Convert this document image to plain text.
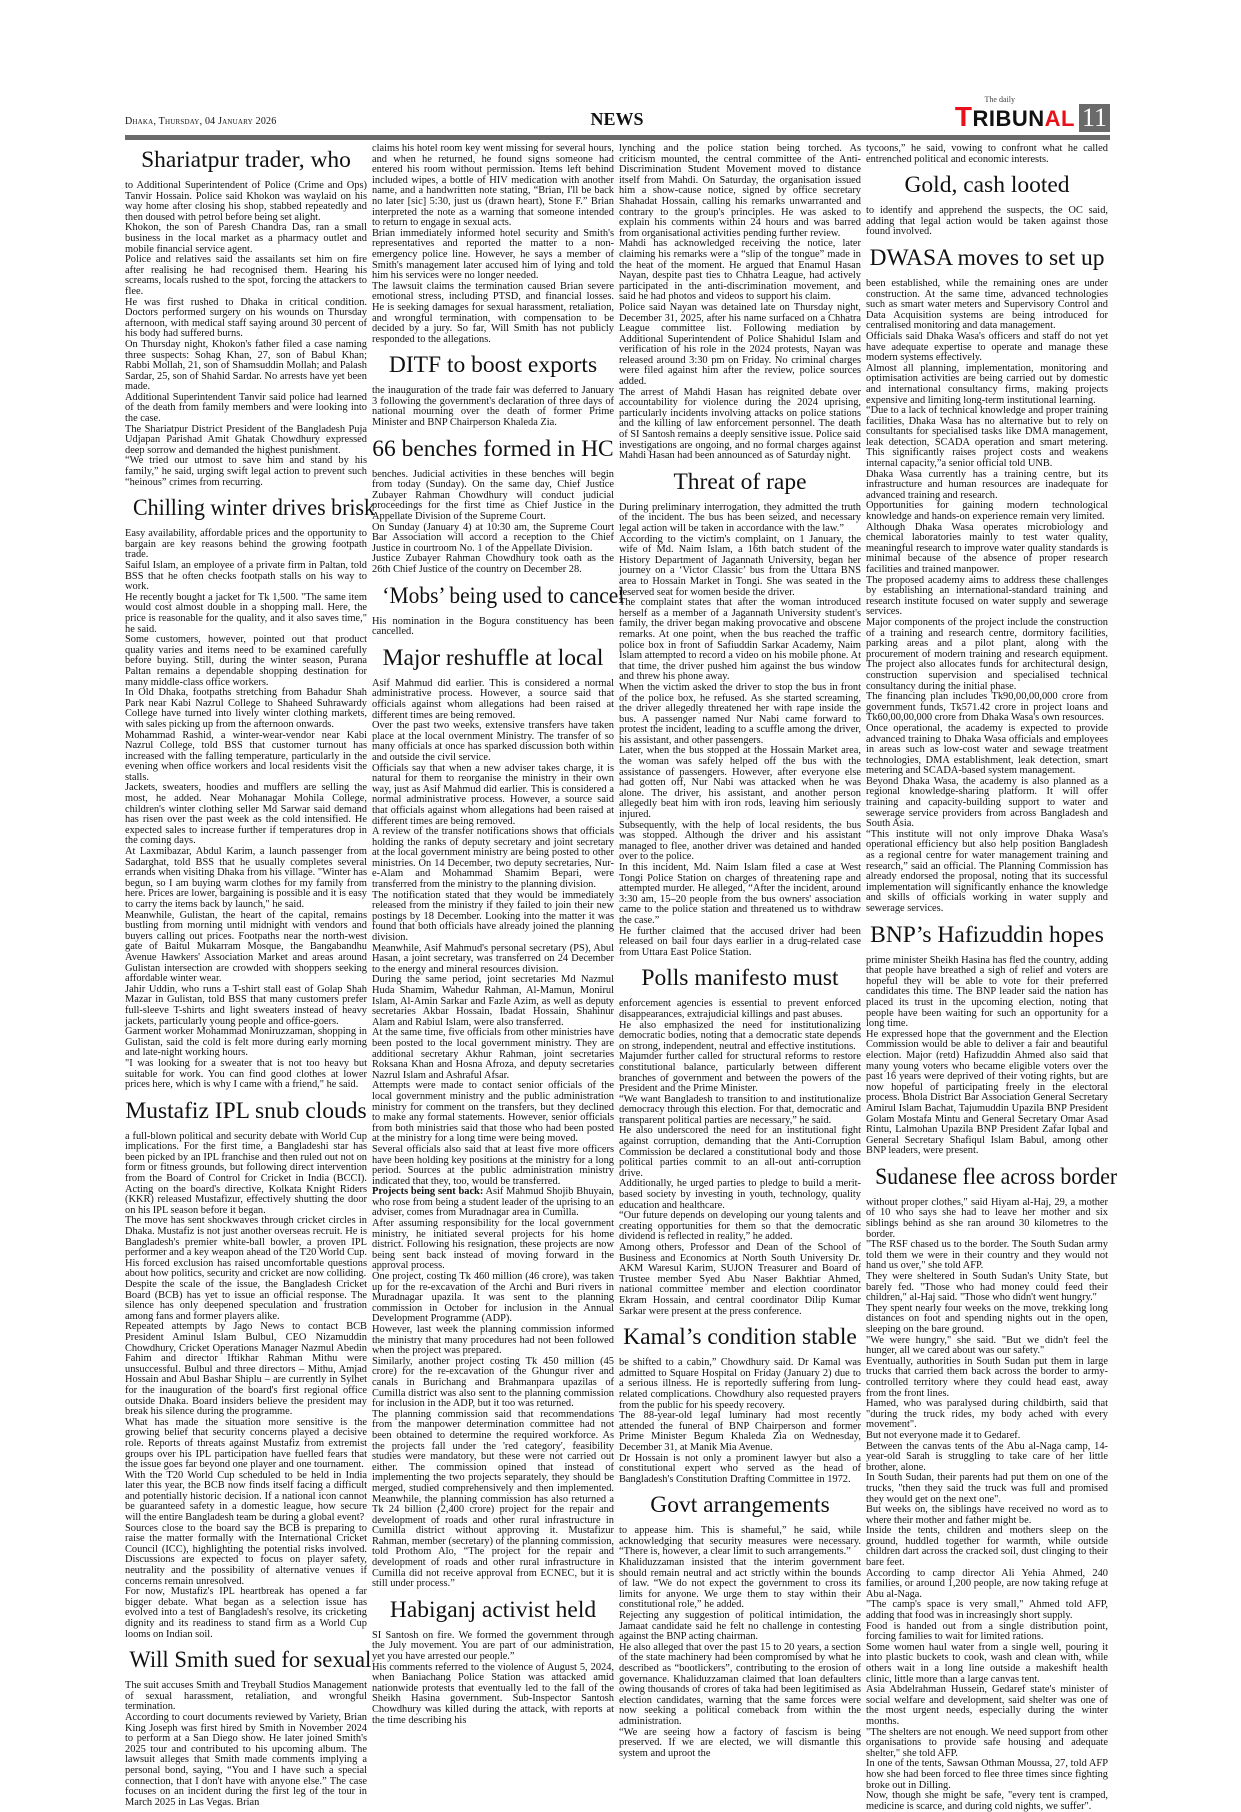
Dhaka, Thursday, 04 January 2026	NEWS
The daily
TRIBUNAL 11
Shariatpur trader, who

to Additional Superintendent of Police (Crime and Ops) Tanvir Hossain. Police said Khokon was waylaid on his way home after closing his shop, stabbed repeatedly and then doused with petrol before being set alight.

Khokon, the son of Paresh Chandra Das, ran a small business in the local market as a pharmacy outlet and mobile financial service agent.

Police and relatives said the assailants set him on fire after realising he had recognised them. Hearing his screams, locals rushed to the spot, forcing the attackers to flee.

He was first rushed to Dhaka in critical condition. Doctors performed surgery on his wounds on Thursday afternoon, with medical staff saying around 30 percent of his body had suffered burns.

On Thursday night, Khokon's father filed a case naming three suspects: Sohag Khan, 27, son of Babul Khan; Rabbi Mollah, 21, son of Shamsuddin Mollah; and Palash Sardar, 25, son of Shahid Sardar. No arrests have yet been made.

Additional Superintendent Tanvir said police had learned of the death from family members and were looking into the case.

The Shariatpur District President of the Bangladesh Puja Udjapan Parishad Amit Ghatak Chowdhury expressed deep sorrow and demanded the highest punishment.

“We tried our utmost to save him and stand by his family,” he said, urging swift legal action to prevent such “heinous” crimes from recurring.

Chilling winter drives brisk

Easy availability, affordable prices and the opportunity to bargain are key reasons behind the growing footpath trade.

Saiful Islam, an employee of a private firm in Paltan, told BSS that he often checks footpath stalls on his way to work.

He recently bought a jacket for Tk 1,500. "The same item would cost almost double in a shopping mall. Here, the price is reasonable for the quality, and it also saves time," he said.

Some customers, however, pointed out that product quality varies and items need to be examined carefully before buying. Still, during the winter season, Purana Paltan remains a dependable shopping destination for many middle-class office workers.

In Old Dhaka, footpaths stretching from Bahadur Shah Park near Kabi Nazrul College to Shaheed Suhrawardy College have turned into lively winter clothing markets, with sales picking up from the afternoon onwards.

Mohammad Rashid, a winter-wear-vendor near Kabi Nazrul College, told BSS that customer turnout has increased with the falling temperature, particularly in the evening when office workers and local residents visit the stalls.

Jackets, sweaters, hoodies and mufflers are selling the most, he added. Near Mohanagar Mohila College, children's winter clothing seller Md Sarwar said demand has risen over the past week as the cold intensified. He expected sales to increase further if temperatures drop in the coming days.

At Laxmibazar, Abdul Karim, a launch passenger from Sadarghat, told BSS that he usually completes several errands when visiting Dhaka from his village. "Winter has begun, so I am buying warm clothes for my family from here. Prices are lower, bargaining is possible and it is easy to carry the items back by launch," he said.

Meanwhile, Gulistan, the heart of the capital, remains bustling from morning until midnight with vendors and buyers calling out prices. Footpaths near the north-west gate of Baitul Mukarram Mosque, the Bangabandhu Avenue Hawkers' Association Market and areas around Gulistan intersection are crowded with shoppers seeking affordable winter wear.

Jahir Uddin, who runs a T-shirt stall east of Golap Shah Mazar in Gulistan, told BSS that many customers prefer full-sleeve T-shirts and light sweaters instead of heavy jackets, particularly young people and office-goers.

Garment worker Mohammad Moniruzzaman, shopping in Gulistan, said the cold is felt more during early morning and late-night working hours.

"I was looking for a sweater that is not too heavy but suitable for work. You can find good clothes at lower prices here, which is why I came with a friend," he said.

Mustafiz IPL snub clouds

a full-blown political and security debate with World Cup implications. For the first time, a Bangladeshi star has been picked by an IPL franchise and then ruled out not on form or fitness grounds, but following direct intervention from the Board of Control for Cricket in India (BCCI). Acting on the board's directive, Kolkata Knight Riders (KKR) released Mustafizur, effectively shutting the door on his IPL season before it began.

The move has sent shockwaves through cricket circles in Dhaka. Mustafiz is not just another overseas recruit. He is Bangladesh's premier white-ball bowler, a proven IPL performer and a key weapon ahead of the T20 World Cup. His forced exclusion has raised uncomfortable questions about how politics, security and cricket are now colliding.

Despite the scale of the issue, the Bangladesh Cricket Board (BCB) has yet to issue an official response. The silence has only deepened speculation and frustration among fans and former players alike.

Repeated attempts by Jago News to contact BCB President Aminul Islam Bulbul, CEO Nizamuddin Chowdhury, Cricket Operations Manager Nazmul Abedin Fahim and director Iftikhar Rahman Mithu were unsuccessful. Bulbul and three directors – Mithu, Amjad Hossain and Abul Bashar Shiplu – are currently in Sylhet for the inauguration of the board's first regional office outside Dhaka. Board insiders believe the president may break his silence during the programme.

What has made the situation more sensitive is the growing belief that security concerns played a decisive role. Reports of threats against Mustafiz from extremist groups over his IPL participation have fuelled fears that the issue goes far beyond one player and one tournament.

With the T20 World Cup scheduled to be held in India later this year, the BCB now finds itself facing a difficult and potentially historic decision. If a national icon cannot be guaranteed safety in a domestic league, how secure will the entire Bangladesh team be during a global event?

Sources close to the board say the BCB is preparing to raise the matter formally with the International Cricket Council (ICC), highlighting the potential risks involved. Discussions are expected to focus on player safety, neutrality and the possibility of alternative venues if concerns remain unresolved.

For now, Mustafiz's IPL heartbreak has opened a far bigger debate. What began as a selection issue has evolved into a test of Bangladesh's resolve, its cricketing dignity and its readiness to stand firm as a World Cup looms on Indian soil.

Will Smith sued for sexual

The suit accuses Smith and Treyball Studios Management of sexual harassment, retaliation, and wrongful termination.

According to court documents reviewed by Variety, Brian King Joseph was first hired by Smith in November 2024 to perform at a San Diego show. He later joined Smith's 2025 tour and contributed to his upcoming album. The lawsuit alleges that Smith made comments implying a personal bond, saying, “You and I have such a special connection, that I don't have with anyone else.” The case focuses on an incident during the first leg of the tour in March 2025 in Las Vegas. Brian

claims his hotel room key went missing for several hours, and when he returned, he found signs someone had entered his room without permission. Items left behind included wipes, a bottle of HIV medication with another name, and a handwritten note stating, “Brian, I'll be back no later [sic] 5:30, just us (drawn heart), Stone F.” Brian interpreted the note as a warning that someone intended to return to engage in sexual acts.

Brian immediately informed hotel security and Smith's representatives and reported the matter to a non-emergency police line. However, he says a member of Smith's management later accused him of lying and told him his services were no longer needed.

The lawsuit claims the termination caused Brian severe emotional stress, including PTSD, and financial losses. He is seeking damages for sexual harassment, retaliation, and wrongful termination, with compensation to be decided by a jury. So far, Will Smith has not publicly responded to the allegations.

DITF to boost exports

the inauguration of the trade fair was deferred to January 3 following the government's declaration of three days of national mourning over the death of former Prime Minister and BNP Chairperson Khaleda Zia.

66 benches formed in HC

benches. Judicial activities in these benches will begin from today (Sunday). On the same day, Chief Justice Zubayer Rahman Chowdhury will conduct judicial proceedings for the first time as Chief Justice in the Appellate Division of the Supreme Court.

On Sunday (January 4) at 10:30 am, the Supreme Court Bar Association will accord a reception to the Chief Justice in courtroom No. 1 of the Appellate Division.

Justice Zubayer Rahman Chowdhury took oath as the 26th Chief Justice of the country on December 28.

‘Mobs’ being used to cancel

His nomination in the Bogura constituency has been cancelled.

Major reshuffle at local

Asif Mahmud did earlier. This is considered a normal administrative process. However, a source said that officials against whom allegations had been raised at different times are being removed.

Over the past two weeks, extensive transfers have taken place at the local overnment Ministry. The transfer of so many officials at once has sparked discussion both within and outside the civil service.

Officials say that when a new adviser takes charge, it is natural for them to reorganise the ministry in their own way, just as Asif Mahmud did earlier. This is considered a normal administrative process. However, a source said that officials against whom allegations had been raised at different times are being removed.

A review of the transfer notifications shows that officials holding the ranks of deputy secretary and joint secretary at the local government ministry are being posted to other ministries. On 14 December, two deputy secretaries, Nur-e-Alam and Mohammad Shamim Bepari, were transferred from the ministry to the planning division.

The notification stated that they would be immediately released from the ministry if they failed to join their new postings by 18 December. Looking into the matter it was found that both officials have already joined the planning division.

Meanwhile, Asif Mahmud's personal secretary (PS), Abul Hasan, a joint secretary, was transferred on 24 December to the energy and mineral resources division.

During the same period, joint secretaries Md Nazmul Huda Shamim, Wahedur Rahman, Al-Mamun, Monirul Islam, Al-Amin Sarkar and Fazle Azim, as well as deputy secretaries Akbar Hossain, Ibadat Hossain, Shahinur Alam and Rabiul Islam, were also transferred.

At the same time, five officials from other ministries have been posted to the local government ministry. They are additional secretary Akhur Rahman, joint secretaries Roksana Khan and Hosna Afroza, and deputy secretaries Nazrul Islam and Ashraful Afsar.

Attempts were made to contact senior officials of the local government ministry and the public administration ministry for comment on the transfers, but they declined to make any formal statements. However, senior officials from both ministries said that those who had been posted at the ministry for a long time were being moved.

Several officials also said that at least five more officers have been holding key positions at the ministry for a long period. Sources at the public administration ministry indicated that they, too, would be transferred.

Projects being sent back: Asif Mahmud Shojib Bhuyain, who rose from being a student leader of the uprising to an adviser, comes from Muradnagar area in Cumilla.

After assuming responsibility for the local government ministry, he initiated several projects for his home district. Following his resignation, these projects are now being sent back instead of moving forward in the approval process.

One project, costing Tk 460 million (46 crore), was taken up for the re-excavation of the Archi and Buri rivers in Muradnagar upazila. It was sent to the planning commission in October for inclusion in the Annual Development Programme (ADP).

However, last week the planning commission informed the ministry that many procedures had not been followed when the project was prepared.

Similarly, another project costing Tk 450 million (45 crore) for the re-excavation of the Ghungur river and canals in Burichang and Brahmanpara upazilas of Cumilla district was also sent to the planning commission for inclusion in the ADP, but it too was returned.

The planning commission said that recommendations from the manpower determination committee had not been obtained to determine the required workforce. As the projects fall under the 'red category', feasibility studies were mandatory, but these were not carried out either. The commission opined that instead of implementing the two projects separately, they should be merged, studied comprehensively and then implemented. Meanwhile, the planning commission has also returned a Tk 24 billion (2,400 crore) project for the repair and development of roads and other rural infrastructure in Cumilla district without approving it. Mustafizur Rahman, member (secretary) of the planning commission, told Prothom Alo, “The project for the repair and development of roads and other rural infrastructure in Cumilla did not receive approval from ECNEC, but it is still under process.”

Habiganj activist held

SI Santosh on fire. We formed the government through the July movement. You are part of our administration, yet you have arrested our people.”

His comments referred to the violence of August 5, 2024, when Baniachang Police Station was attacked amid nationwide protests that eventually led to the fall of the Sheikh Hasina government. Sub-Inspector Santosh Chowdhury was killed during the attack, with reports at the time describing his

lynching and the police station being torched. As criticism mounted, the central committee of the Anti-Discrimination Student Movement moved to distance itself from Mahdi. On Saturday, the organisation issued him a show-cause notice, signed by office secretary Shahadat Hossain, calling his remarks unwarranted and contrary to the group's principles. He was asked to explain his comments within 24 hours and was barred from organisational activities pending further review.

Mahdi has acknowledged receiving the notice, later claiming his remarks were a “slip of the tongue” made in the heat of the moment. He argued that Enamul Hasan Nayan, despite past ties to Chhatra League, had actively participated in the anti-discrimination movement, and said he had photos and videos to support his claim.

Police said Nayan was detained late on Thursday night, December 31, 2025, after his name surfaced on a Chhatra League committee list. Following mediation by Additional Superintendent of Police Shahidul Islam and verification of his role in the 2024 protests, Nayan was released around 3:30 pm on Friday. No criminal charges were filed against him after the review, police sources added.

The arrest of Mahdi Hasan has reignited debate over accountability for violence during the 2024 uprising, particularly incidents involving attacks on police stations and the killing of law enforcement personnel. The death of SI Santosh remains a deeply sensitive issue. Police said investigations are ongoing, and no formal charges against Mahdi Hasan had been announced as of Saturday night.

Threat of rape

During preliminary interrogation, they admitted the truth of the incident. The bus has been seized, and necessary legal action will be taken in accordance with the law.”

According to the victim's complaint, on 1 January, the wife of Md. Naim Islam, a 16th batch student of the History Department of Jagannath University, began her journey on a ‘Victor Classic’ bus from the Uttara BNS area to Hossain Market in Tongi. She was seated in the reserved seat for women beside the driver.

The complaint states that after the woman introduced herself as a member of a Jagannath University student's family, the driver began making provocative and obscene remarks. At one point, when the bus reached the traffic police box in front of Safiuddin Sarkar Academy, Naim Islam attempted to record a video on his mobile phone. At that time, the driver pushed him against the bus window and threw his phone away.

When the victim asked the driver to stop the bus in front of the police box, he refused. As she started screaming, the driver allegedly threatened her with rape inside the bus. A passenger named Nur Nabi came forward to protest the incident, leading to a scuffle among the driver, his assistant, and other passengers.

Later, when the bus stopped at the Hossain Market area, the woman was safely helped off the bus with the assistance of passengers. However, after everyone else had gotten off, Nur Nabi was attacked when he was alone. The driver, his assistant, and another person allegedly beat him with iron rods, leaving him seriously injured.

Subsequently, with the help of local residents, the bus was stopped. Although the driver and his assistant managed to flee, another driver was detained and handed over to the police.

In this incident, Md. Naim Islam filed a case at West Tongi Police Station on charges of threatening rape and attempted murder. He alleged, “After the incident, around 3:30 am, 15–20 people from the bus owners' association came to the police station and threatened us to withdraw the case.”

He further claimed that the accused driver had been released on bail four days earlier in a drug-related case from Uttara East Police Station.

Polls manifesto must

enforcement agencies is essential to prevent enforced disappearances, extrajudicial killings and past abuses.

He also emphasized the need for institutionalizing democratic bodies, noting that a democratic state depends on strong, independent, neutral and effective institutions.

Majumder further called for structural reforms to restore constitutional balance, particularly between different branches of government and between the powers of the President and the Prime Minister.

“We want Bangladesh to transition to and institutionalize democracy through this election. For that, democratic and transparent political parties are necessary,” he said.

He also underscored the need for an institutional fight against corruption, demanding that the Anti-Corruption Commission be declared a constitutional body and those political parties commit to an all-out anti-corruption drive.

Additionally, he urged parties to pledge to build a merit-based society by investing in youth, technology, quality education and healthcare.

“Our future depends on developing our young talents and creating opportunities for them so that the democratic dividend is reflected in reality,” he added.

Among others, Professor and Dean of the School of Business and Economics at North South University Dr. AKM Waresul Karim, SUJON Treasurer and Board of Trustee member Syed Abu Naser Bakhtiar Ahmed, national committee member and election coordinator Ekram Hossain, and central coordinator Dilip Kumar Sarkar were present at the press conference.

Kamal’s condition stable

be shifted to a cabin,” Chowdhury said. Dr Kamal was admitted to Square Hospital on Friday (January 2) due to a serious illness. He is reportedly suffering from lung-related complications. Chowdhury also requested prayers from the public for his speedy recovery.

The 88-year-old legal luminary had most recently attended the funeral of BNP Chairperson and former Prime Minister Begum Khaleda Zia on Wednesday, December 31, at Manik Mia Avenue.

Dr Hossain is not only a prominent lawyer but also a constitutional expert who served as the head of Bangladesh's Constitution Drafting Committee in 1972.

Govt arrangements

to appease him. This is shameful,” he said, while acknowledging that security measures were necessary. “There is, however, a clear limit to such arrangements.”

Khaliduzzaman insisted that the interim government should remain neutral and act strictly within the bounds of law. “We do not expect the government to cross its limits for anyone. We urge them to stay within their constitutional role,” he added.

Rejecting any suggestion of political intimidation, the Jamaat candidate said he felt no challenge in contesting against the BNP acting chairman.

He also alleged that over the past 15 to 20 years, a section of the state machinery had been compromised by what he described as “bootlickers”, contributing to the erosion of governance. Khaliduzzaman claimed that loan defaulters owing thousands of crores of taka had been legitimised as election candidates, warning that the same forces were now seeking a political comeback from within the administration.

“We are seeing how a factory of fascism is being preserved. If we are elected, we will dismantle this system and uproot the

tycoons,” he said, vowing to confront what he called entrenched political and economic interests.

Gold, cash looted

to identify and apprehend the suspects, the OC said, adding that legal action would be taken against those found involved.

DWASA moves to set up

been established, while the remaining ones are under construction. At the same time, advanced technologies such as smart water meters and Supervisory Control and Data Acquisition systems are being introduced for centralised monitoring and data management.

Officials said Dhaka Wasa's officers and staff do not yet have adequate expertise to operate and manage these modern systems effectively.

Almost all planning, implementation, monitoring and optimisation activities are being carried out by domestic and international consultancy firms, making projects expensive and limiting long-term institutional learning.

“Due to a lack of technical knowledge and proper training facilities, Dhaka Wasa has no alternative but to rely on consultants for specialised tasks like DMA management, leak detection, SCADA operation and smart metering. This significantly raises project costs and weakens internal capacity,”a senior official told UNB.

Dhaka Wasa currently has a training centre, but its infrastructure and human resources are inadequate for advanced training and research.

Opportunities for gaining modern technological knowledge and hands-on experience remain very limited.

Although Dhaka Wasa operates microbiology and chemical laboratories mainly to test water quality, meaningful research to improve water quality standards is minimal because of the absence of proper research facilities and trained manpower.

The proposed academy aims to address these challenges by establishing an international-standard training and research institute focused on water supply and sewerage services.

Major components of the project include the construction of a training and research centre, dormitory facilities, parking areas and a pilot plant, along with the procurement of modern training and research equipment. The project also allocates funds for architectural design, construction supervision and specialised technical consultancy during the initial phase.

The financing plan includes Tk90,00,00,000 crore from government funds, Tk571.42 crore in project loans and Tk60,00,00,000 crore from Dhaka Wasa's own resources.

Once operational, the academy is expected to provide advanced training to Dhaka Wasa officials and employees in areas such as low-cost water and sewage treatment technologies, DMA establishment, leak detection, smart metering and SCADA-based system management.

Beyond Dhaka Wasa, the academy is also planned as a regional knowledge-sharing platform. It will offer training and capacity-building support to water and sewerage service providers from across Bangladesh and South Asia.

“This institute will not only improve Dhaka Wasa's operational efficiency but also help position Bangladesh as a regional centre for water management training and research,” said an official. The Planning Commission has already endorsed the proposal, noting that its successful implementation will significantly enhance the knowledge and skills of officials working in water supply and sewerage services.

BNP’s Hafizuddin hopes

prime minister Sheikh Hasina has fled the country, adding that people have breathed a sigh of relief and voters are hopeful they will be able to vote for their preferred candidates this time. The BNP leader said the nation has placed its trust in the upcoming election, noting that people have been waiting for such an opportunity for a long time.

He expressed hope that the government and the Election Commission would be able to deliver a fair and beautiful election. Major (retd) Hafizuddin Ahmed also said that many young voters who became eligible voters over the past 16 years were deprived of their voting rights, but are now hopeful of participating freely in the electoral process. Bhola District Bar Association General Secretary Amirul Islam Bachat, Tajumuddin Upazila BNP President Golam Mostafa Mintu and General Secretary Omar Asad Rintu, Lalmohan Upazila BNP President Zafar Iqbal and General Secretary Shafiqul Islam Babul, among other BNP leaders, were present.

Sudanese flee across border

without proper clothes," said Hiyam al-Haj, 29, a mother of 10 who says she had to leave her mother and six siblings behind as she ran around 30 kilometres to the border.

"The RSF chased us to the border. The South Sudan army told them we were in their country and they would not hand us over," she told AFP.

They were sheltered in South Sudan's Unity State, but barely fed. "Those who had money could feed their children," al-Haj said. "Those who didn't went hungry."

They spent nearly four weeks on the move, trekking long distances on foot and spending nights out in the open, sleeping on the bare ground.

"We were hungry," she said. "But we didn't feel the hunger, all we cared about was our safety."

Eventually, authorities in South Sudan put them in large trucks that carried them back across the border to army-controlled territory where they could head east, away from the front lines.

Hamed, who was paralysed during childbirth, said that "during the truck rides, my body ached with every movement".

But not everyone made it to Gedaref.

Between the canvas tents of the Abu al-Naga camp, 14-year-old Sarah is struggling to take care of her little brother, alone.

In South Sudan, their parents had put them on one of the trucks, "then they said the truck was full and promised they would get on the next one".

But weeks on, the siblings have received no word as to where their mother and father might be.

Inside the tents, children and mothers sleep on the ground, huddled together for warmth, while outside children dart across the cracked soil, dust clinging to their bare feet.

According to camp director Ali Yehia Ahmed, 240 families, or around 1,200 people, are now taking refuge at Abu al-Naga.

"The camp's space is very small," Ahmed told AFP, adding that food was in increasingly short supply.

Food is handed out from a single distribution point, forcing families to wait for limited rations.

Some women haul water from a single well, pouring it into plastic buckets to cook, wash and clean with, while others wait in a long line outside a makeshift health clinic, little more than a large canvas tent.

Asia Abdelrahman Hussein, Gedaref state's minister of social welfare and development, said shelter was one of the most urgent needs, especially during the winter months.

"The shelters are not enough. We need support from other organisations to provide safe housing and adequate shelter," she told AFP.

In one of the tents, Sawsan Othman Moussa, 27, told AFP how she had been forced to flee three times since fighting broke out in Dilling.

Now, though she might be safe, "every tent is cramped, medicine is scarce, and during cold nights, we suffer".
